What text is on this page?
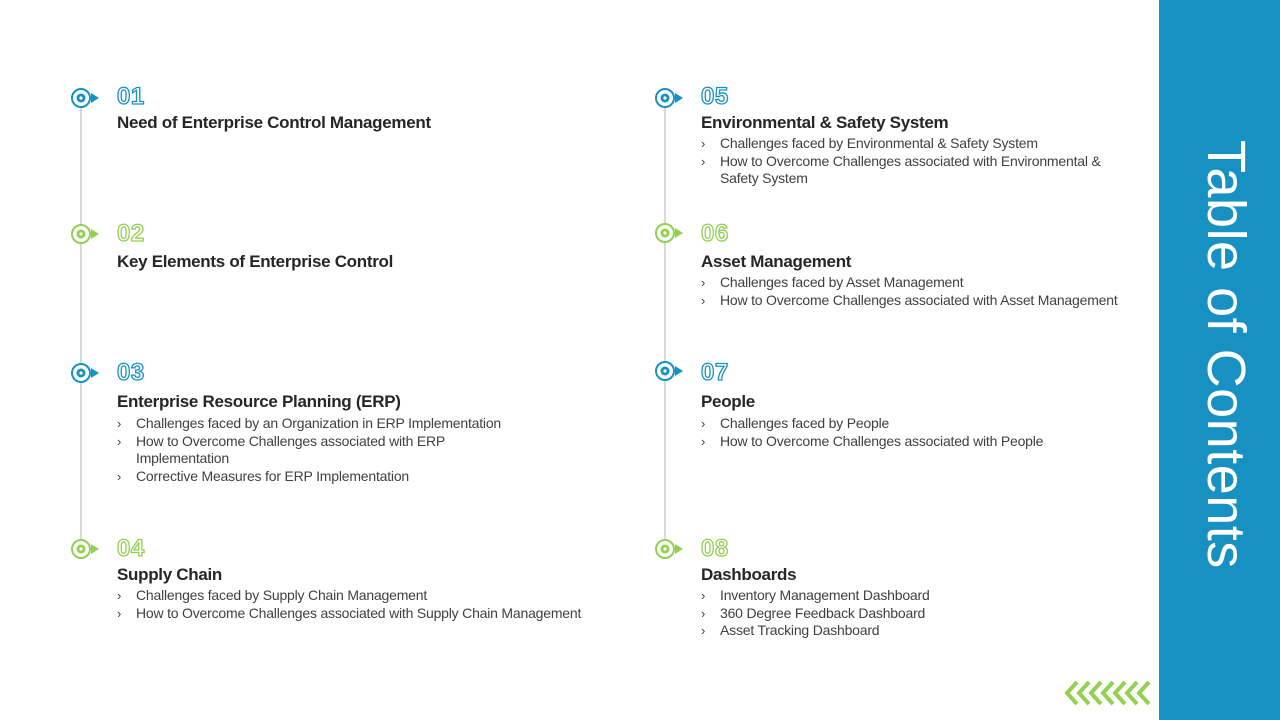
Table of Contents
01
Need of Enterprise Control Management
02
Key Elements of Enterprise Control
03
Enterprise Resource Planning (ERP)
› Challenges faced by an Organization in ERP Implementation
› How to Overcome Challenges associated with ERP Implementation
› Corrective Measures for ERP Implementation
04
Supply Chain
› Challenges faced by Supply Chain Management
› How to Overcome Challenges associated with Supply Chain Management
05
Environmental & Safety System
› Challenges faced by Environmental & Safety System
› How to Overcome Challenges associated with Environmental & Safety System
06
Asset Management
› Challenges faced by Asset Management
› How to Overcome Challenges associated with Asset Management
07
People
› Challenges faced by People
› How to Overcome Challenges associated with People
08
Dashboards
› Inventory Management Dashboard
› 360 Degree Feedback Dashboard
› Asset Tracking Dashboard
